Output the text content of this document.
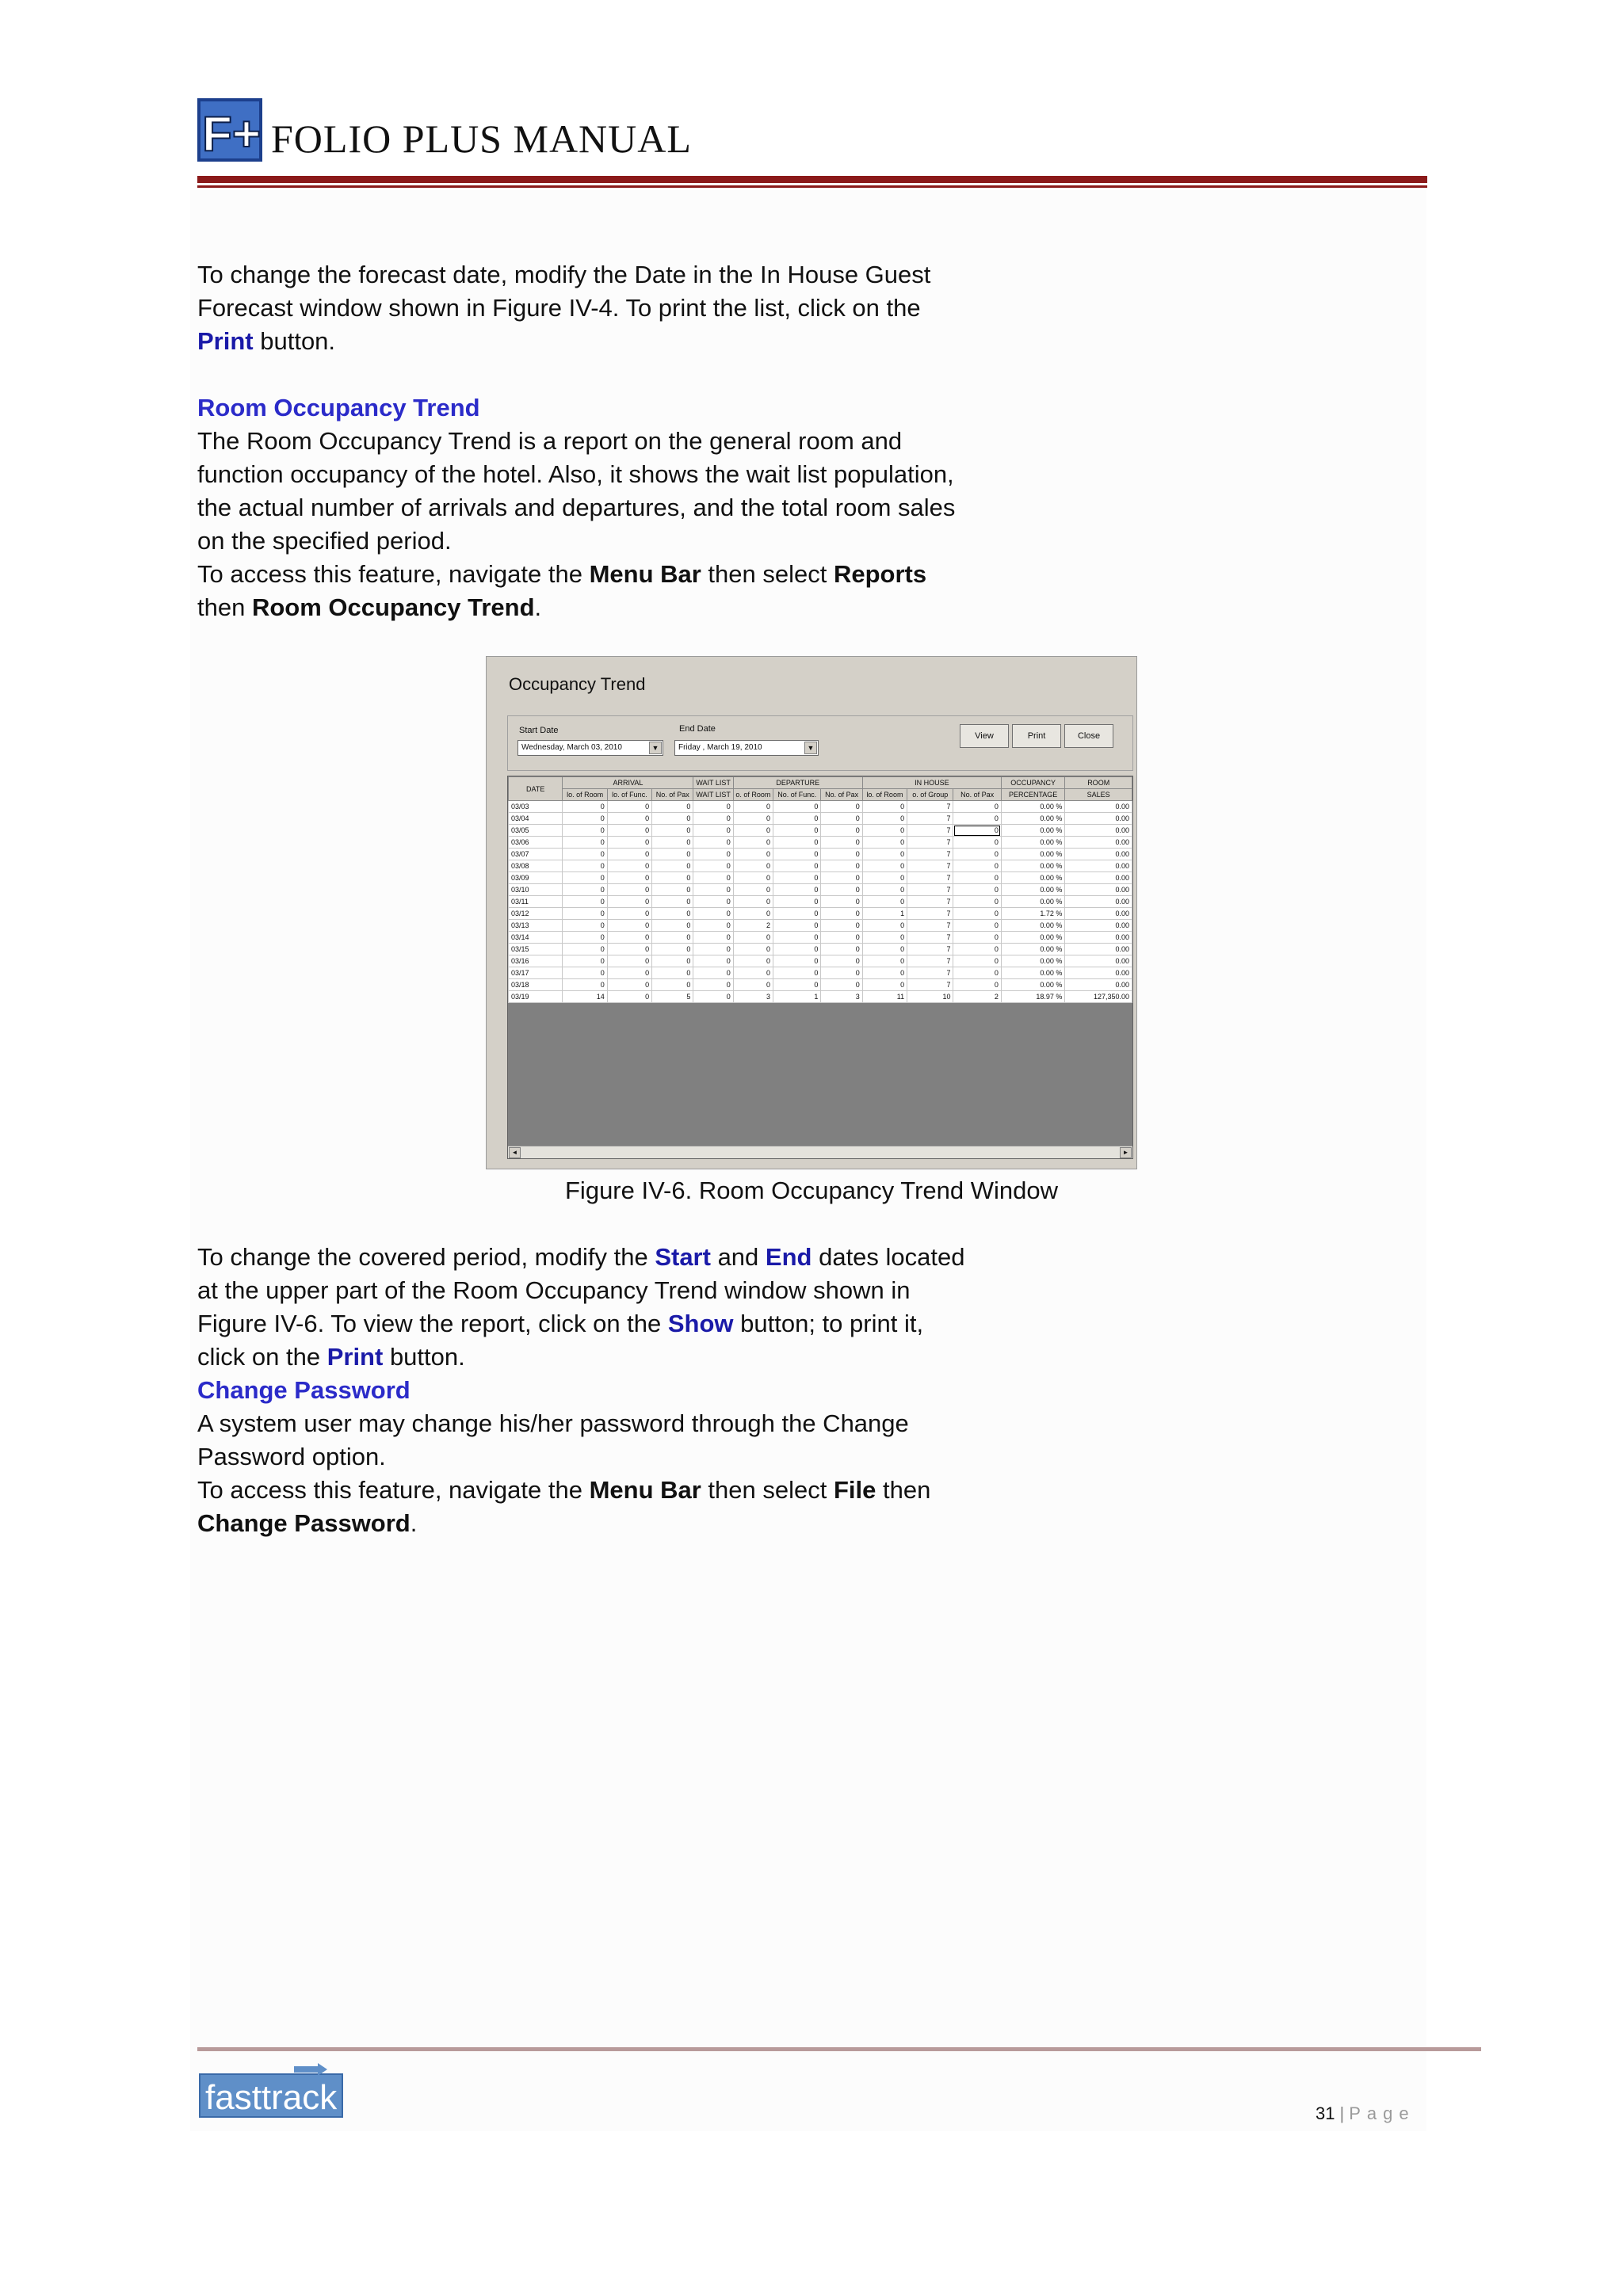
F+ FOLIO PLUS MANUAL

To change the forecast date, modify the Date in the In House Guest

Forecast window shown in Figure IV-4. To print the list, click on the

Print button.

Room Occupancy Trend

The Room Occupancy Trend is a report on the general room and

function occupancy of the hotel. Also, it shows the wait list population,

the actual number of arrivals and departures, and the total room sales

on the specified period.

To access this feature, navigate the Menu Bar then select Reports

then Room Occupancy Trend.

Occupancy Trend
Start Date
Wednesday, March 03, 2010	▼
End Date
Friday , March 19, 2010	▼
View	Print	Close
DATE	ARRIVAL			WAIT LIST	DEPARTURE			IN HOUSE			OCCUPANCY	ROOM
	lo. of Room	lo. of Func.	No. of Pax	WAIT LIST	o. of Room	No. of Func.	No. of Pax	lo. of Room	o. of Group	No. of Pax	PERCENTAGE	SALES
03/03	0	0	0	0	0	0	0	0	7	0	0.00 %	0.00
03/04	0	0	0	0	0	0	0	0	7	0	0.00 %	0.00
03/05	0	0	0	0	0	0	0	0	7	0	0.00 %	0.00
03/06	0	0	0	0	0	0	0	0	7	0	0.00 %	0.00
03/07	0	0	0	0	0	0	0	0	7	0	0.00 %	0.00
03/08	0	0	0	0	0	0	0	0	7	0	0.00 %	0.00
03/09	0	0	0	0	0	0	0	0	7	0	0.00 %	0.00
03/10	0	0	0	0	0	0	0	0	7	0	0.00 %	0.00
03/11	0	0	0	0	0	0	0	0	7	0	0.00 %	0.00
03/12	0	0	0	0	0	0	0	1	7	0	1.72 %	0.00
03/13	0	0	0	0	2	0	0	0	7	0	0.00 %	0.00
03/14	0	0	0	0	0	0	0	0	7	0	0.00 %	0.00
03/15	0	0	0	0	0	0	0	0	7	0	0.00 %	0.00
03/16	0	0	0	0	0	0	0	0	7	0	0.00 %	0.00
03/17	0	0	0	0	0	0	0	0	7	0	0.00 %	0.00
03/18	0	0	0	0	0	0	0	0	7	0	0.00 %	0.00
03/19	14	0	5	0	3	1	3	11	10	2	18.97 %	127,350.00
◄	►
Figure IV-6. Room Occupancy Trend Window

To change the covered period, modify the Start and End dates located

at the upper part of the Room Occupancy Trend window shown in

Figure IV-6. To view the report, click on the Show button; to print it,

click on the Print button.

Change Password

A system user may change his/her password through the Change

Password option.

To access this feature, navigate the Menu Bar then select File then

Change Password.

fasttrack	31 | Page
